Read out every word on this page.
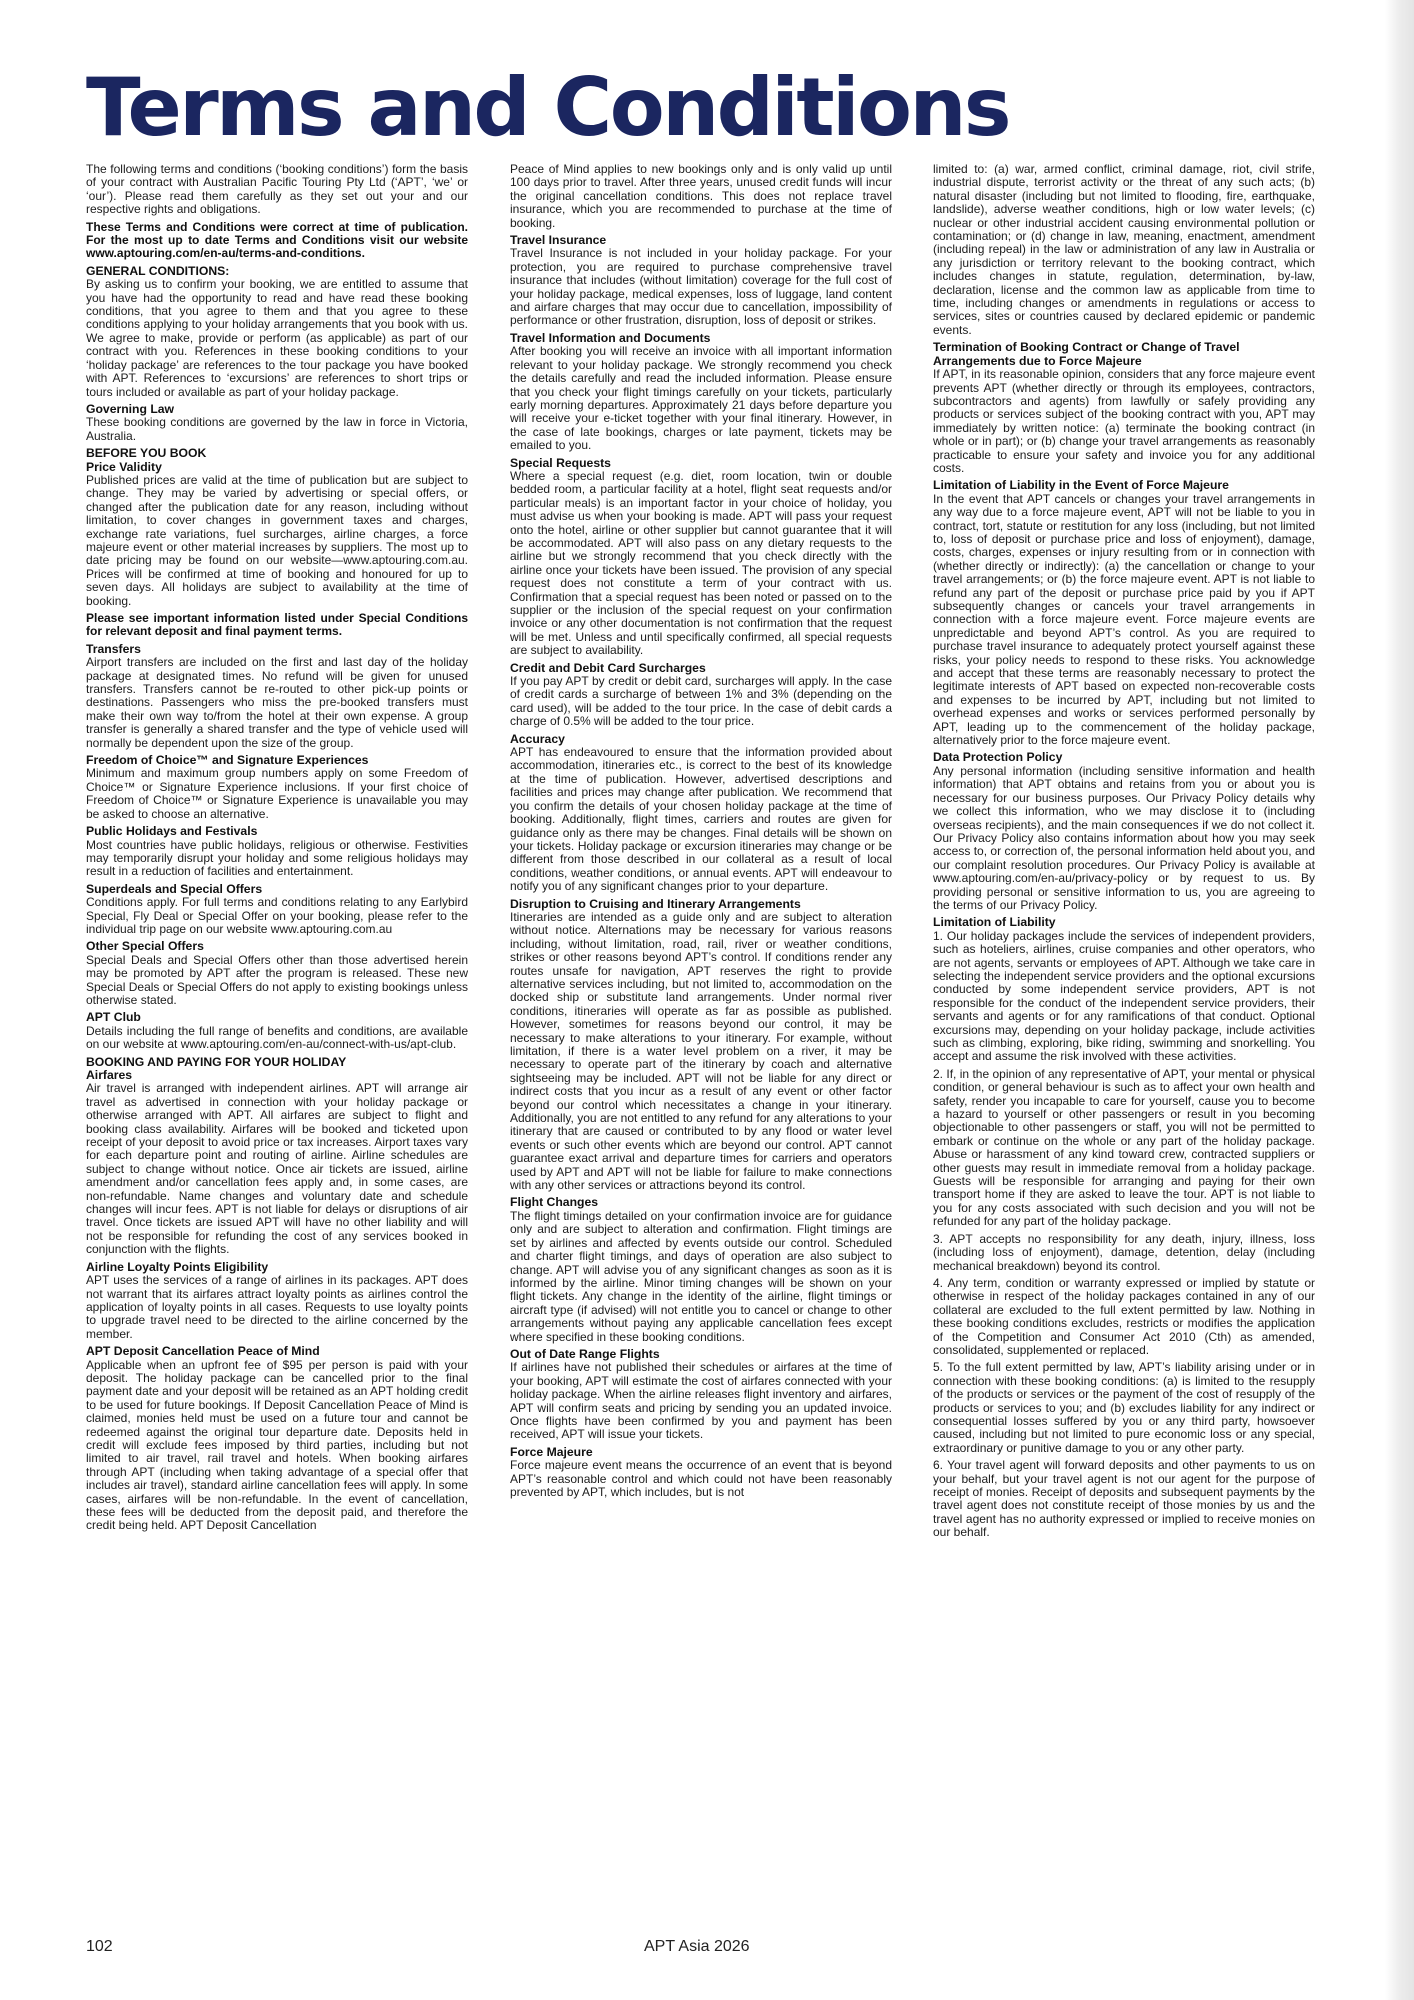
Terms and Conditions

The following terms and conditions (‘booking conditions’) form the basis of your contract with Australian Pacific Touring Pty Ltd (‘APT’, ‘we’ or ‘our’). Please read them carefully as they set out your and our respective rights and obligations.

These Terms and Conditions were correct at time of publication. For the most up to date Terms and Conditions visit our website www.aptouring.com/en-au/terms-and-conditions.

GENERAL CONDITIONS:

By asking us to confirm your booking, we are entitled to assume that you have had the opportunity to read and have read these booking conditions, that you agree to them and that you agree to these conditions applying to your holiday arrangements that you book with us. We agree to make, provide or perform (as applicable) as part of our contract with you. References in these booking conditions to your ‘holiday package’ are references to the tour package you have booked with APT. References to ‘excursions’ are references to short trips or tours included or available as part of your holiday package.

Governing Law

These booking conditions are governed by the law in force in Victoria, Australia.

BEFORE YOU BOOK
Price Validity

Published prices are valid at the time of publication but are subject to change. They may be varied by advertising or special offers, or changed after the publication date for any reason, including without limitation, to cover changes in government taxes and charges, exchange rate variations, fuel surcharges, airline charges, a force majeure event or other material increases by suppliers. The most up to date pricing may be found on our website—www.aptouring.com.au. Prices will be confirmed at time of booking and honoured for up to seven days. All holidays are subject to availability at the time of booking.

Please see important information listed under Special Conditions for relevant deposit and final payment terms.

Transfers

Airport transfers are included on the first and last day of the holiday package at designated times. No refund will be given for unused transfers. Transfers cannot be re-routed to other pick-up points or destinations. Passengers who miss the pre-booked transfers must make their own way to/from the hotel at their own expense. A group transfer is generally a shared transfer and the type of vehicle used will normally be dependent upon the size of the group.

Freedom of Choice™ and Signature Experiences

Minimum and maximum group numbers apply on some Freedom of Choice™ or Signature Experience inclusions. If your first choice of Freedom of Choice™ or Signature Experience is unavailable you may be asked to choose an alternative.

Public Holidays and Festivals

Most countries have public holidays, religious or otherwise. Festivities may temporarily disrupt your holiday and some religious holidays may result in a reduction of facilities and entertainment.

Superdeals and Special Offers

Conditions apply. For full terms and conditions relating to any Earlybird Special, Fly Deal or Special Offer on your booking, please refer to the individual trip page on our website www.aptouring.com.au

Other Special Offers

Special Deals and Special Offers other than those advertised herein may be promoted by APT after the program is released. These new Special Deals or Special Offers do not apply to existing bookings unless otherwise stated.

APT Club

Details including the full range of benefits and conditions, are available on our website at www.aptouring.com/en-au/connect-with-us/apt-club.

BOOKING AND PAYING FOR YOUR HOLIDAY
Airfares

Air travel is arranged with independent airlines. APT will arrange air travel as advertised in connection with your holiday package or otherwise arranged with APT. All airfares are subject to flight and booking class availability. Airfares will be booked and ticketed upon receipt of your deposit to avoid price or tax increases. Airport taxes vary for each departure point and routing of airline. Airline schedules are subject to change without notice. Once air tickets are issued, airline amendment and/or cancellation fees apply and, in some cases, are non-refundable. Name changes and voluntary date and schedule changes will incur fees. APT is not liable for delays or disruptions of air travel. Once tickets are issued APT will have no other liability and will not be responsible for refunding the cost of any services booked in conjunction with the flights.

Airline Loyalty Points Eligibility

APT uses the services of a range of airlines in its packages. APT does not warrant that its airfares attract loyalty points as airlines control the application of loyalty points in all cases. Requests to use loyalty points to upgrade travel need to be directed to the airline concerned by the member.

APT Deposit Cancellation Peace of Mind

Applicable when an upfront fee of $95 per person is paid with your deposit. The holiday package can be cancelled prior to the final payment date and your deposit will be retained as an APT holding credit to be used for future bookings. If Deposit Cancellation Peace of Mind is claimed, monies held must be used on a future tour and cannot be redeemed against the original tour departure date. Deposits held in credit will exclude fees imposed by third parties, including but not limited to air travel, rail travel and hotels. When booking airfares through APT (including when taking advantage of a special offer that includes air travel), standard airline cancellation fees will apply. In some cases, airfares will be non-refundable. In the event of cancellation, these fees will be deducted from the deposit paid, and therefore the credit being held. APT Deposit Cancellation

Peace of Mind applies to new bookings only and is only valid up until 100 days prior to travel. After three years, unused credit funds will incur the original cancellation conditions. This does not replace travel insurance, which you are recommended to purchase at the time of booking.

Travel Insurance

Travel Insurance is not included in your holiday package. For your protection, you are required to purchase comprehensive travel insurance that includes (without limitation) coverage for the full cost of your holiday package, medical expenses, loss of luggage, land content and airfare charges that may occur due to cancellation, impossibility of performance or other frustration, disruption, loss of deposit or strikes.

Travel Information and Documents

After booking you will receive an invoice with all important information relevant to your holiday package. We strongly recommend you check the details carefully and read the included information. Please ensure that you check your flight timings carefully on your tickets, particularly early morning departures. Approximately 21 days before departure you will receive your e-ticket together with your final itinerary. However, in the case of late bookings, charges or late payment, tickets may be emailed to you.

Special Requests

Where a special request (e.g. diet, room location, twin or double bedded room, a particular facility at a hotel, flight seat requests and/or particular meals) is an important factor in your choice of holiday, you must advise us when your booking is made. APT will pass your request onto the hotel, airline or other supplier but cannot guarantee that it will be accommodated. APT will also pass on any dietary requests to the airline but we strongly recommend that you check directly with the airline once your tickets have been issued. The provision of any special request does not constitute a term of your contract with us. Confirmation that a special request has been noted or passed on to the supplier or the inclusion of the special request on your confirmation invoice or any other documentation is not confirmation that the request will be met. Unless and until specifically confirmed, all special requests are subject to availability.

Credit and Debit Card Surcharges

If you pay APT by credit or debit card, surcharges will apply. In the case of credit cards a surcharge of between 1% and 3% (depending on the card used), will be added to the tour price. In the case of debit cards a charge of 0.5% will be added to the tour price.

Accuracy

APT has endeavoured to ensure that the information provided about accommodation, itineraries etc., is correct to the best of its knowledge at the time of publication. However, advertised descriptions and facilities and prices may change after publication. We recommend that you confirm the details of your chosen holiday package at the time of booking. Additionally, flight times, carriers and routes are given for guidance only as there may be changes. Final details will be shown on your tickets. Holiday package or excursion itineraries may change or be different from those described in our collateral as a result of local conditions, weather conditions, or annual events. APT will endeavour to notify you of any significant changes prior to your departure.

Disruption to Cruising and Itinerary Arrangements

Itineraries are intended as a guide only and are subject to alteration without notice. Alternations may be necessary for various reasons including, without limitation, road, rail, river or weather conditions, strikes or other reasons beyond APT’s control. If conditions render any routes unsafe for navigation, APT reserves the right to provide alternative services including, but not limited to, accommodation on the docked ship or substitute land arrangements. Under normal river conditions, itineraries will operate as far as possible as published. However, sometimes for reasons beyond our control, it may be necessary to make alterations to your itinerary. For example, without limitation, if there is a water level problem on a river, it may be necessary to operate part of the itinerary by coach and alternative sightseeing may be included. APT will not be liable for any direct or indirect costs that you incur as a result of any event or other factor beyond our control which necessitates a change in your itinerary. Additionally, you are not entitled to any refund for any alterations to your itinerary that are caused or contributed to by any flood or water level events or such other events which are beyond our control. APT cannot guarantee exact arrival and departure times for carriers and operators used by APT and APT will not be liable for failure to make connections with any other services or attractions beyond its control.

Flight Changes

The flight timings detailed on your confirmation invoice are for guidance only and are subject to alteration and confirmation. Flight timings are set by airlines and affected by events outside our control. Scheduled and charter flight timings, and days of operation are also subject to change. APT will advise you of any significant changes as soon as it is informed by the airline. Minor timing changes will be shown on your flight tickets. Any change in the identity of the airline, flight timings or aircraft type (if advised) will not entitle you to cancel or change to other arrangements without paying any applicable cancellation fees except where specified in these booking conditions.

Out of Date Range Flights

If airlines have not published their schedules or airfares at the time of your booking, APT will estimate the cost of airfares connected with your holiday package. When the airline releases flight inventory and airfares, APT will confirm seats and pricing by sending you an updated invoice. Once flights have been confirmed by you and payment has been received, APT will issue your tickets.

Force Majeure

Force majeure event means the occurrence of an event that is beyond APT’s reasonable control and which could not have been reasonably prevented by APT, which includes, but is not

limited to: (a) war, armed conflict, criminal damage, riot, civil strife, industrial dispute, terrorist activity or the threat of any such acts; (b) natural disaster (including but not limited to flooding, fire, earthquake, landslide), adverse weather conditions, high or low water levels; (c) nuclear or other industrial accident causing environmental pollution or contamination; or (d) change in law, meaning, enactment, amendment (including repeal) in the law or administration of any law in Australia or any jurisdiction or territory relevant to the booking contract, which includes changes in statute, regulation, determination, by-law, declaration, license and the common law as applicable from time to time, including changes or amendments in regulations or access to services, sites or countries caused by declared epidemic or pandemic events.

Termination of Booking Contract or Change of Travel Arrangements due to Force Majeure

If APT, in its reasonable opinion, considers that any force majeure event prevents APT (whether directly or through its employees, contractors, subcontractors and agents) from lawfully or safely providing any products or services subject of the booking contract with you, APT may immediately by written notice: (a) terminate the booking contract (in whole or in part); or (b) change your travel arrangements as reasonably practicable to ensure your safety and invoice you for any additional costs.

Limitation of Liability in the Event of Force Majeure

In the event that APT cancels or changes your travel arrangements in any way due to a force majeure event, APT will not be liable to you in contract, tort, statute or restitution for any loss (including, but not limited to, loss of deposit or purchase price and loss of enjoyment), damage, costs, charges, expenses or injury resulting from or in connection with (whether directly or indirectly): (a) the cancellation or change to your travel arrangements; or (b) the force majeure event. APT is not liable to refund any part of the deposit or purchase price paid by you if APT subsequently changes or cancels your travel arrangements in connection with a force majeure event. Force majeure events are unpredictable and beyond APT’s control. As you are required to purchase travel insurance to adequately protect yourself against these risks, your policy needs to respond to these risks. You acknowledge and accept that these terms are reasonably necessary to protect the legitimate interests of APT based on expected non-recoverable costs and expenses to be incurred by APT, including but not limited to overhead expenses and works or services performed personally by APT, leading up to the commencement of the holiday package, alternatively prior to the force majeure event.

Data Protection Policy

Any personal information (including sensitive information and health information) that APT obtains and retains from you or about you is necessary for our business purposes. Our Privacy Policy details why we collect this information, who we may disclose it to (including overseas recipients), and the main consequences if we do not collect it. Our Privacy Policy also contains information about how you may seek access to, or correction of, the personal information held about you, and our complaint resolution procedures. Our Privacy Policy is available at www.aptouring.com/en-au/privacy-policy or by request to us. By providing personal or sensitive information to us, you are agreeing to the terms of our Privacy Policy.

Limitation of Liability

1. Our holiday packages include the services of independent providers, such as hoteliers, airlines, cruise companies and other operators, who are not agents, servants or employees of APT. Although we take care in selecting the independent service providers and the optional excursions conducted by some independent service providers, APT is not responsible for the conduct of the independent service providers, their servants and agents or for any ramifications of that conduct. Optional excursions may, depending on your holiday package, include activities such as climbing, exploring, bike riding, swimming and snorkelling. You accept and assume the risk involved with these activities.

2. If, in the opinion of any representative of APT, your mental or physical condition, or general behaviour is such as to affect your own health and safety, render you incapable to care for yourself, cause you to become a hazard to yourself or other passengers or result in you becoming objectionable to other passengers or staff, you will not be permitted to embark or continue on the whole or any part of the holiday package. Abuse or harassment of any kind toward crew, contracted suppliers or other guests may result in immediate removal from a holiday package. Guests will be responsible for arranging and paying for their own transport home if they are asked to leave the tour. APT is not liable to you for any costs associated with such decision and you will not be refunded for any part of the holiday package.

3. APT accepts no responsibility for any death, injury, illness, loss (including loss of enjoyment), damage, detention, delay (including mechanical breakdown) beyond its control.

4. Any term, condition or warranty expressed or implied by statute or otherwise in respect of the holiday packages contained in any of our collateral are excluded to the full extent permitted by law. Nothing in these booking conditions excludes, restricts or modifies the application of the Competition and Consumer Act 2010 (Cth) as amended, consolidated, supplemented or replaced.

5. To the full extent permitted by law, APT’s liability arising under or in connection with these booking conditions: (a) is limited to the resupply of the products or services or the payment of the cost of resupply of the products or services to you; and (b) excludes liability for any indirect or consequential losses suffered by you or any third party, howsoever caused, including but not limited to pure economic loss or any special, extraordinary or punitive damage to you or any other party.

6. Your travel agent will forward deposits and other payments to us on your behalf, but your travel agent is not our agent for the purpose of receipt of monies. Receipt of deposits and subsequent payments by the travel agent does not constitute receipt of those monies by us and the travel agent has no authority expressed or implied to receive monies on our behalf.

102	APT Asia 2026
